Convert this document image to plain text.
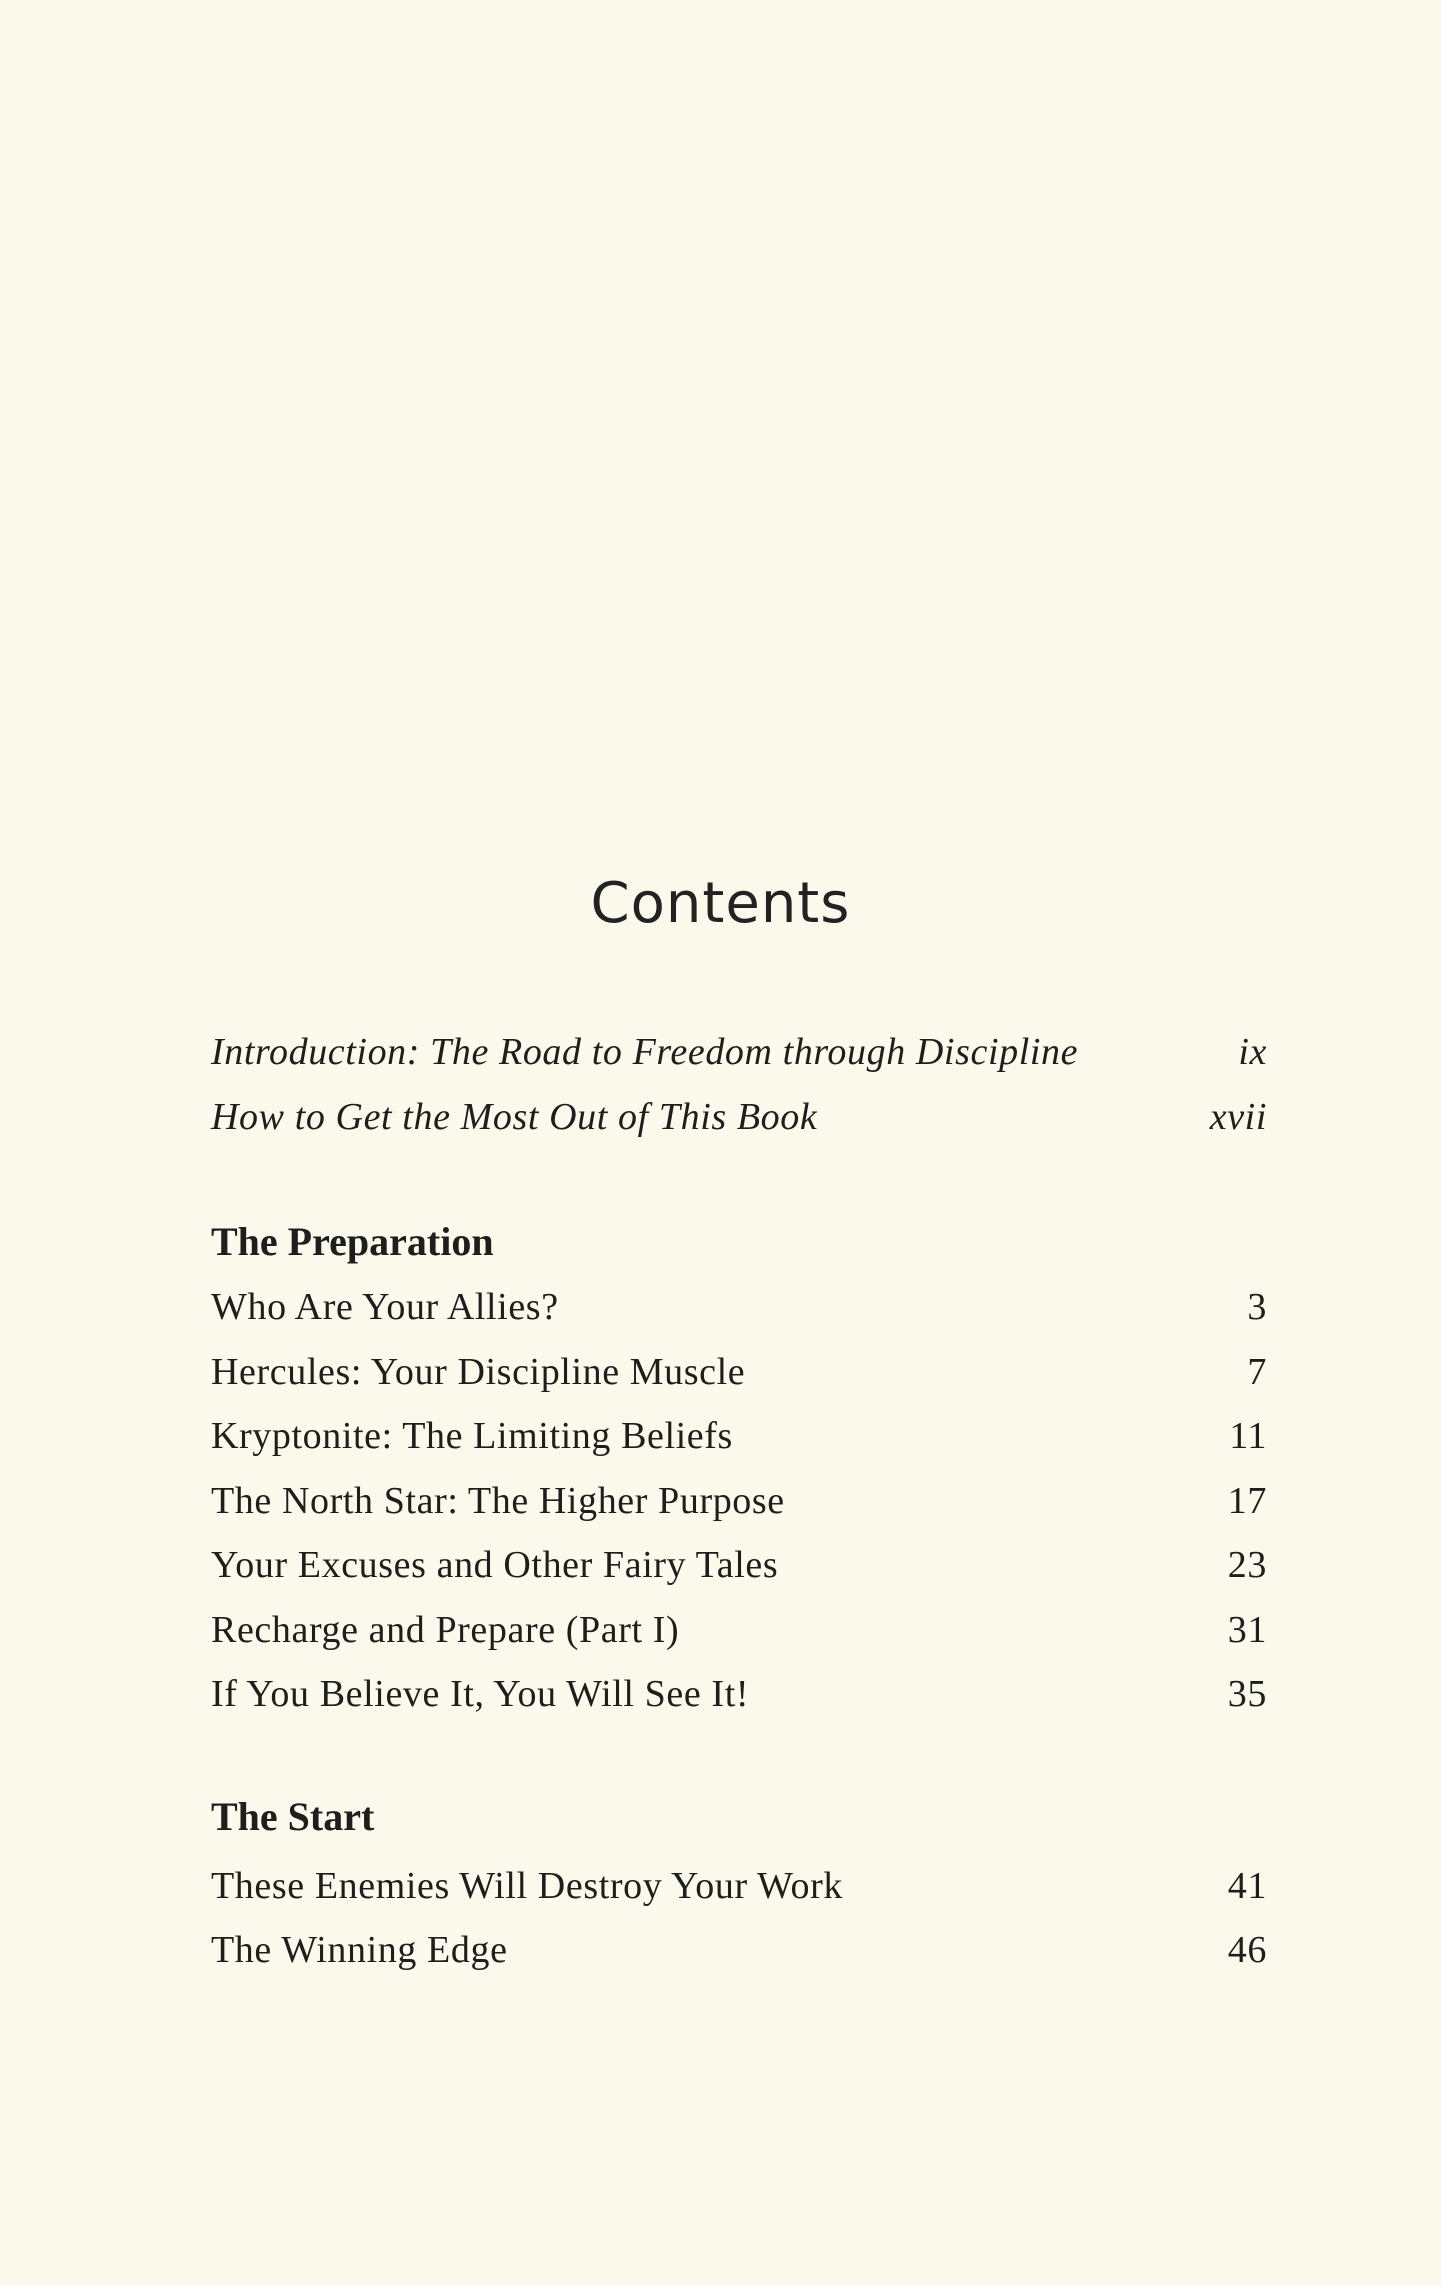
Contents
Introduction: The Road to Freedom through Discipline	ix
How to Get the Most Out of This Book	xvii
The Preparation
Who Are Your Allies?	3
Hercules: Your Discipline Muscle	7
Kryptonite: The Limiting Beliefs	11
The North Star: The Higher Purpose	17
Your Excuses and Other Fairy Tales	23
Recharge and Prepare (Part I)	31
If You Believe It, You Will See It!	35
The Start
These Enemies Will Destroy Your Work	41
The Winning Edge	46
